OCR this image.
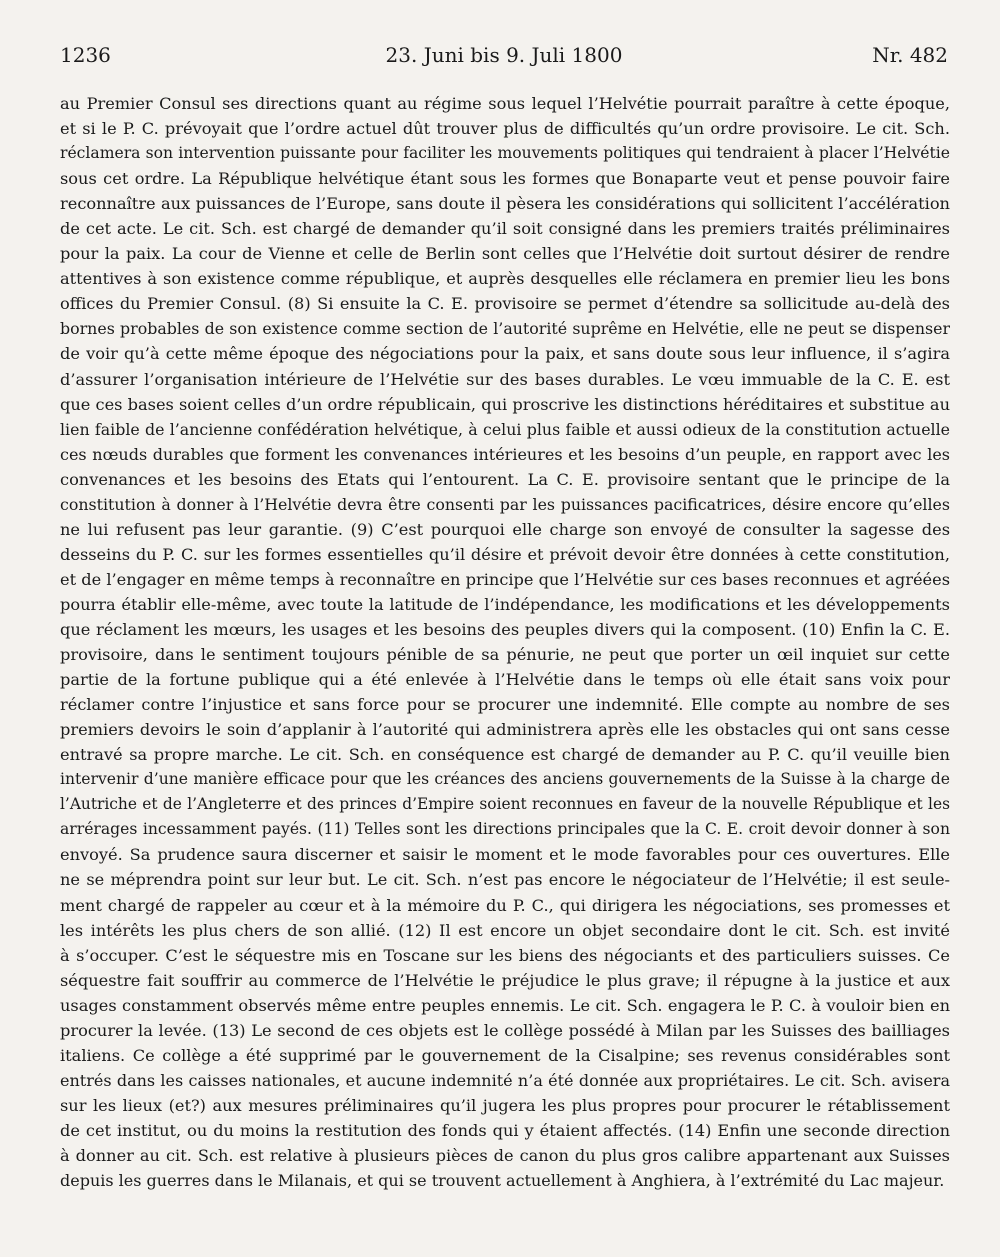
1236	23. Juni bis 9. Juli 1800	Nr. 482
au Premier Consul ses directions quant au régime sous lequel l’Helvétie pourrait paraître à cette époque,
et si le P. C. prévoyait que l’ordre actuel dût trouver plus de difficultés qu’un ordre provisoire. Le cit. Sch.
réclamera son intervention puissante pour faciliter les mouvements politiques qui tendraient à placer l’Helvétie
sous cet ordre. La République helvétique étant sous les formes que Bonaparte veut et pense pouvoir faire
reconnaître aux puissances de l’Europe, sans doute il pèsera les considérations qui sollicitent l’accélération
de cet acte. Le cit. Sch. est chargé de demander qu’il soit consigné dans les premiers traités préliminaires
pour la paix. La cour de Vienne et celle de Berlin sont celles que l’Helvétie doit surtout désirer de rendre
attentives à son existence comme république, et auprès desquelles elle réclamera en premier lieu les bons
offices du Premier Consul. (8) Si ensuite la C. E. provisoire se permet d’étendre sa sollicitude au-delà des
bornes probables de son existence comme section de l’autorité suprême en Helvétie, elle ne peut se dispenser
de voir qu’à cette même époque des négociations pour la paix, et sans doute sous leur influence, il s’agira
d’assurer l’organisation intérieure de l’Helvétie sur des bases durables. Le vœu immuable de la C. E. est
que ces bases soient celles d’un ordre républicain, qui proscrive les distinctions héréditaires et substitue au
lien faible de l’ancienne confédération helvétique, à celui plus faible et aussi odieux de la constitution actuelle
ces nœuds durables que forment les convenances intérieures et les besoins d’un peuple, en rapport avec les
convenances et les besoins des Etats qui l’entourent. La C. E. provisoire sentant que le principe de la
constitution à donner à l’Helvétie devra être consenti par les puissances pacificatrices, désire encore qu’elles
ne lui refusent pas leur garantie. (9) C’est pourquoi elle charge son envoyé de consulter la sagesse des
desseins du P. C. sur les formes essentielles qu’il désire et prévoit devoir être données à cette constitution,
et de l’engager en même temps à reconnaître en principe que l’Helvétie sur ces bases reconnues et agréées
pourra établir elle-même, avec toute la latitude de l’indépendance, les modifications et les développements
que réclament les mœurs, les usages et les besoins des peuples divers qui la composent. (10) Enfin la C. E.
provisoire, dans le sentiment toujours pénible de sa pénurie, ne peut que porter un œil inquiet sur cette
partie de la fortune publique qui a été enlevée à l’Helvétie dans le temps où elle était sans voix pour
réclamer contre l’injustice et sans force pour se procurer une indemnité. Elle compte au nombre de ses
premiers devoirs le soin d’applanir à l’autorité qui administrera après elle les obstacles qui ont sans cesse
entravé sa propre marche. Le cit. Sch. en conséquence est chargé de demander au P. C. qu’il veuille bien
intervenir d’une manière efficace pour que les créances des anciens gouvernements de la Suisse à la charge de
l’Autriche et de l’Angleterre et des princes d’Empire soient reconnues en faveur de la nouvelle République et les
arrérages incessamment payés. (11) Telles sont les directions principales que la C. E. croit devoir donner à son
envoyé. Sa prudence saura discerner et saisir le moment et le mode favorables pour ces ouvertures. Elle
ne se méprendra point sur leur but. Le cit. Sch. n’est pas encore le négociateur de l’Helvétie; il est seule-
ment chargé de rappeler au cœur et à la mémoire du P. C., qui dirigera les négociations, ses promesses et
les intérêts les plus chers de son allié. (12) Il est encore un objet secondaire dont le cit. Sch. est invité
à s’occuper. C’est le séquestre mis en Toscane sur les biens des négociants et des particuliers suisses. Ce
séquestre fait souffrir au commerce de l’Helvétie le préjudice le plus grave; il répugne à la justice et aux
usages constamment observés même entre peuples ennemis. Le cit. Sch. engagera le P. C. à vouloir bien en
procurer la levée. (13) Le second de ces objets est le collège possédé à Milan par les Suisses des bailliages
italiens. Ce collège a été supprimé par le gouvernement de la Cisalpine; ses revenus considérables sont
entrés dans les caisses nationales, et aucune indemnité n’a été donnée aux propriétaires. Le cit. Sch. avisera
sur les lieux (et?) aux mesures préliminaires qu’il jugera les plus propres pour procurer le rétablissement
de cet institut, ou du moins la restitution des fonds qui y étaient affectés. (14) Enfin une seconde direction
à donner au cit. Sch. est relative à plusieurs pièces de canon du plus gros calibre appartenant aux Suisses
depuis les guerres dans le Milanais, et qui se trouvent actuellement à Anghiera, à l’extrémité du Lac majeur.
